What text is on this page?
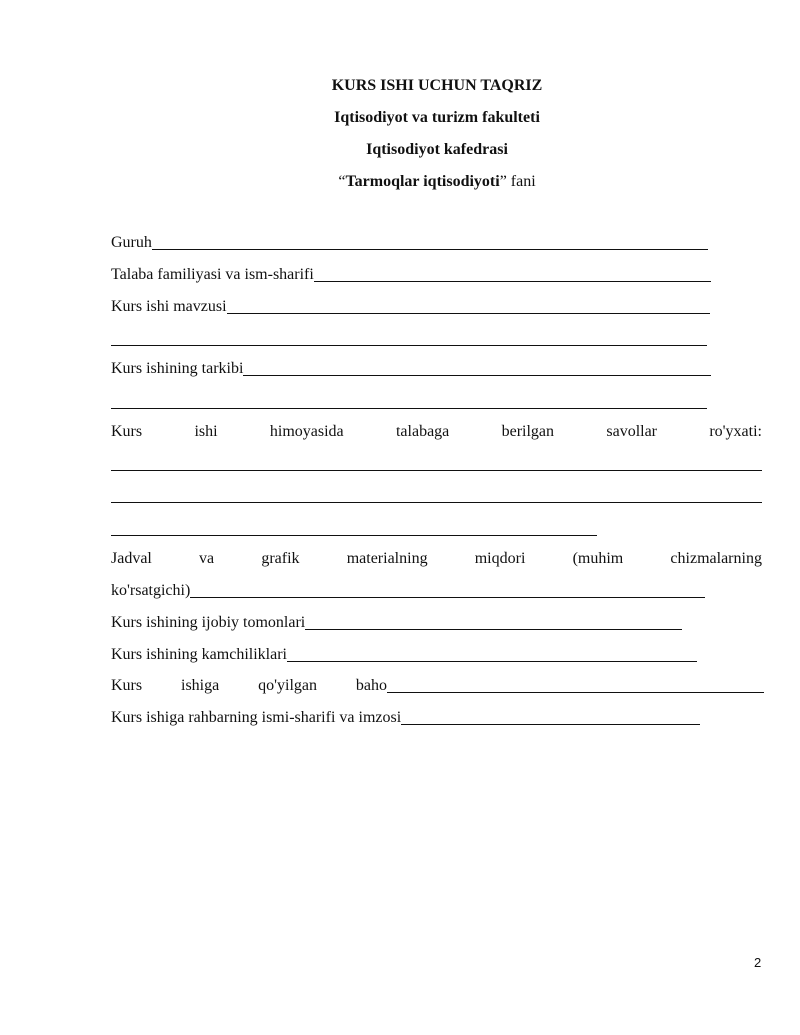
KURS ISHI UCHUN TAQRIZ
Iqtisodiyot va turizm fakulteti
Iqtisodiyot kafedrasi
“Tarmoqlar iqtisodiyoti” fani
Guruh
Talaba familiyasi va ism-sharifi
Kurs ishi mavzusi
Kurs ishining tarkibi
Kurs	ishi	himoyasida	talabaga	berilgan	savollar	ro'yxati:
Jadval	va	grafik	materialning	miqdori	(muhim	chizmalarning
ko'rsatgichi)
Kurs ishining ijobiy tomonlari
Kurs ishining kamchiliklari
Kurs ishiga qo'yilgan baho
Kurs ishiga rahbarning ismi-sharifi va imzosi
2
